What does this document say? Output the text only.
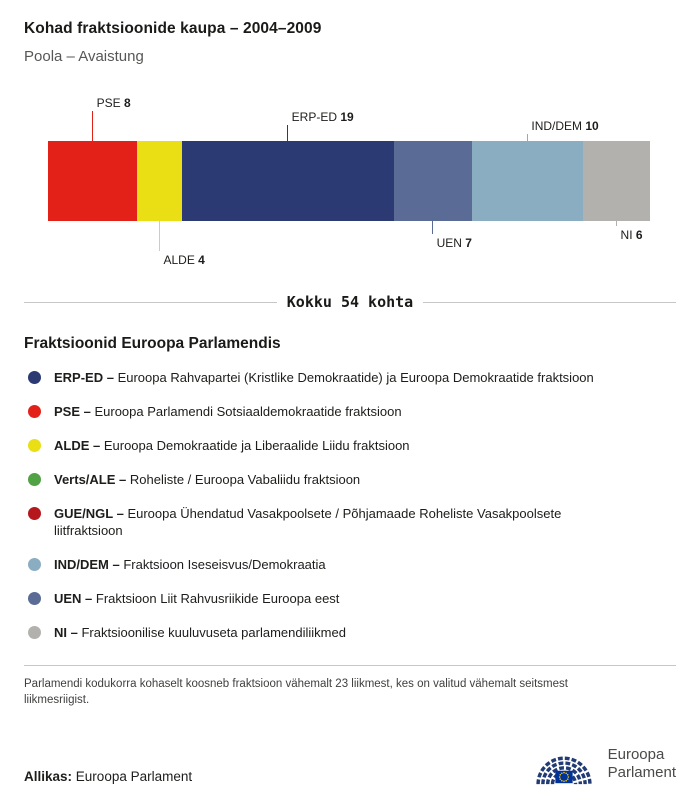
Kohad fraktsioonide kaupa – 2004–2009
Poola – Avaistung
PSE 8
ALDE 4
ERP-ED 19
UEN 7
IND/DEM 10
NI 6
Kokku 54 kohta
Fraktsioonid Euroopa Parlamendis
ERP-ED – Euroopa Rahvapartei (Kristlike Demokraatide) ja Euroopa Demokraatide fraktsioon
PSE – Euroopa Parlamendi Sotsiaaldemokraatide fraktsioon
ALDE – Euroopa Demokraatide ja Liberaalide Liidu fraktsioon
Verts/ALE – Roheliste / Euroopa Vabaliidu fraktsioon
GUE/NGL – Euroopa Ühendatud Vasakpoolsete / Põhjamaade Roheliste Vasakpoolsete liitfraktsioon
IND/DEM – Fraktsioon Iseseisvus/Demokraatia
UEN – Fraktsioon Liit Rahvusriikide Euroopa eest
NI – Fraktsioonilise kuuluvuseta parlamendiliikmed

Parlamendi kodukorra kohaselt koosneb fraktsioon vähemalt 23 liikmest, kes on valitud vähemalt seitsmest liikmesriigist.

Allikas: Euroopa Parlament

Euroopa
Parlament
